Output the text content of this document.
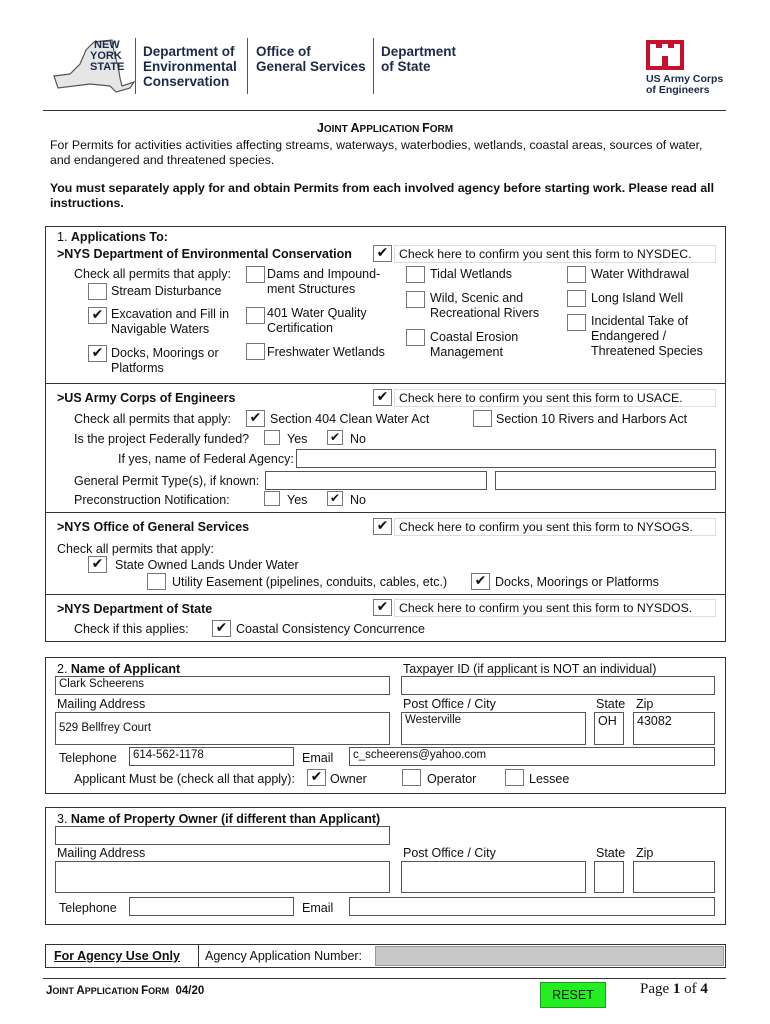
NEW
YORK
STATE
Department of
Environmental
Conservation
Office of
General Services
Department
of State
US Army Corps
of Engineers
JOINT APPLICATION FORM
For Permits for activities activities affecting streams, waterways, waterbodies, wetlands, coastal areas, sources of water, and endangered and threatened species.
You must separately apply for and obtain Permits from each involved agency before starting work. Please read all instructions.
1. Applications To:
>NYS Department of Environmental Conservation ✔ Check here to confirm you sent this form to NYSDEC.
Check all permits that apply:
Stream Disturbance
✔ Excavation and Fill in Navigable Waters
✔ Docks, Moorings or Platforms
Dams and Impound-ment Structures
401 Water Quality Certification
Freshwater Wetlands
Tidal Wetlands
Wild, Scenic and Recreational Rivers
Coastal Erosion Management
Water Withdrawal
Long Island Well
Incidental Take of Endangered / Threatened Species
>US Army Corps of Engineers	✔ Check here to confirm you sent this form to USACE.
Check all permits that apply: ✔ Section 404 Clean Water Act	Section 10 Rivers and Harbors Act
Is the project Federally funded?	Yes ✔ No
If yes, name of Federal Agency:
General Permit Type(s), if known:
Preconstruction Notification:	Yes ✔ No
>NYS Office of General Services	✔ Check here to confirm you sent this form to NYSOGS.
Check all permits that apply:
✔ State Owned Lands Under Water
Utility Easement (pipelines, conduits, cables, etc.) ✔ Docks, Moorings or Platforms
>NYS Department of State	✔ Check here to confirm you sent this form to NYSDOS.
Check if this applies: ✔ Coastal Consistency Concurrence
2. Name of Applicant
Clark Scheerens
Taxpayer ID (if applicant is NOT an individual)
Mailing Address
529 Bellfrey Court
Post Office / City
Westerville
State
OH
Zip
43082
Telephone	614-562-1178	Email	c_scheerens@yahoo.com
Applicant Must be (check all that apply): ✔ Owner	Operator	Lessee
3. Name of Property Owner (if different than Applicant)
Mailing Address	Post Office / City	State Zip
Telephone	Email
For Agency Use Only Agency Application Number:
JOINT APPLICATION FORM 04/20	RESET	Page 1 of 4
